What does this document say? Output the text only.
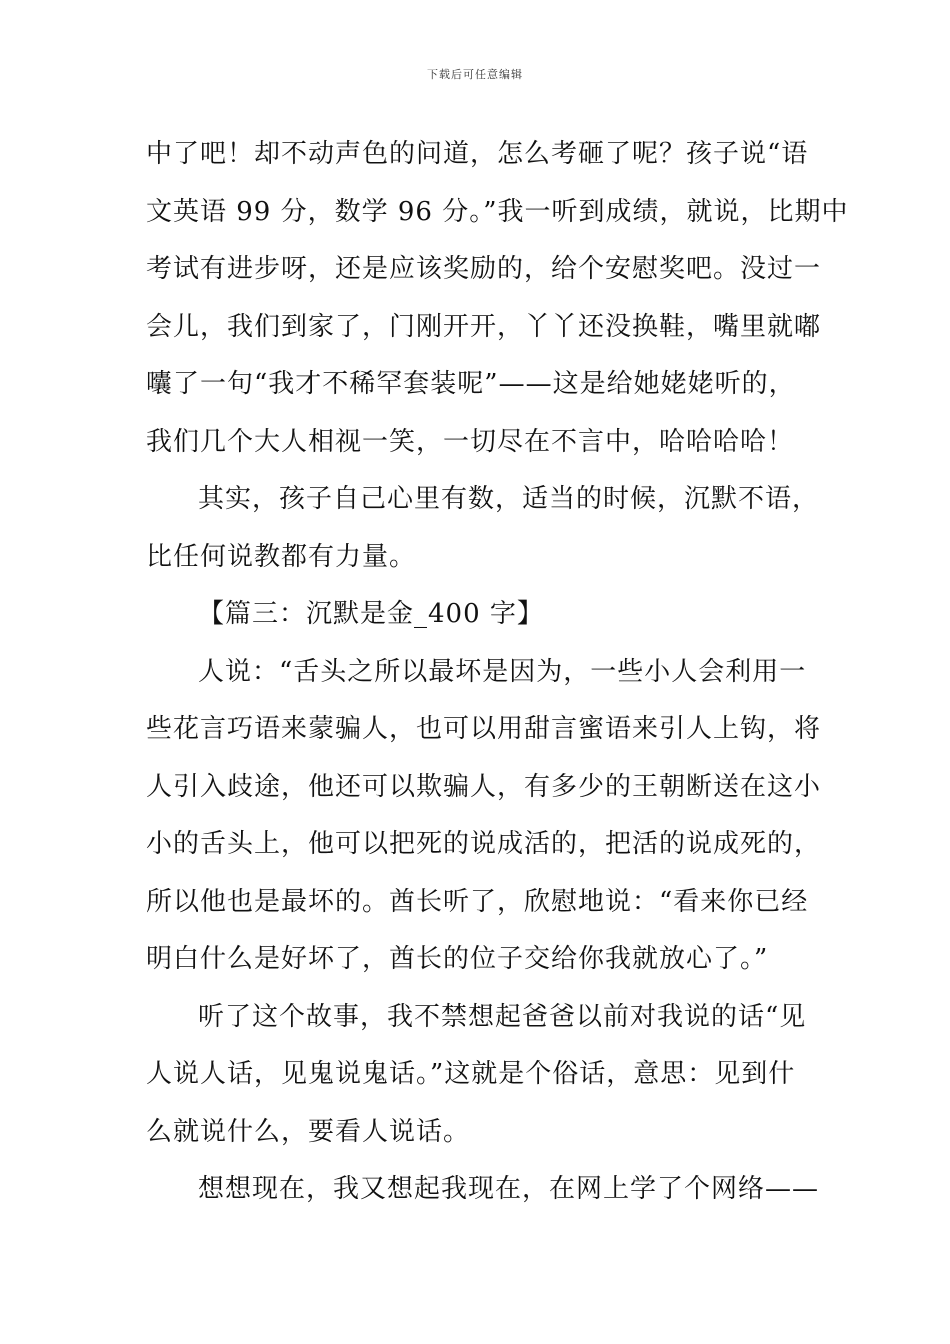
下载后可任意编辑

中了吧！却不动声色的问道，怎么考砸了呢？孩子说“语
文英语 99 分，数学 96 分。”我一听到成绩，就说，比期中
考试有进步呀，还是应该奖励的，给个安慰奖吧。没过一
会儿，我们到家了，门刚开开，丫丫还没换鞋，嘴里就嘟
囔了一句“我才不稀罕套装呢”——这是给她姥姥听的，
我们几个大人相视一笑，一切尽在不言中，哈哈哈哈！

其实，孩子自己心里有数，适当的时候，沉默不语，
比任何说教都有力量。

【篇三：沉默是金_400 字】

人说：“舌头之所以最坏是因为，一些小人会利用一
些花言巧语来蒙骗人，也可以用甜言蜜语来引人上钩，将
人引入歧途，他还可以欺骗人，有多少的王朝断送在这小
小的舌头上，他可以把死的说成活的，把活的说成死的，
所以他也是最坏的。酋长听了，欣慰地说：“看来你已经
明白什么是好坏了，酋长的位子交给你我就放心了。”

听了这个故事，我不禁想起爸爸以前对我说的话“见
人说人话，见鬼说鬼话。”这就是个俗话，意思：见到什
么就说什么，要看人说话。

想想现在，我又想起我现在，在网上学了个网络——
